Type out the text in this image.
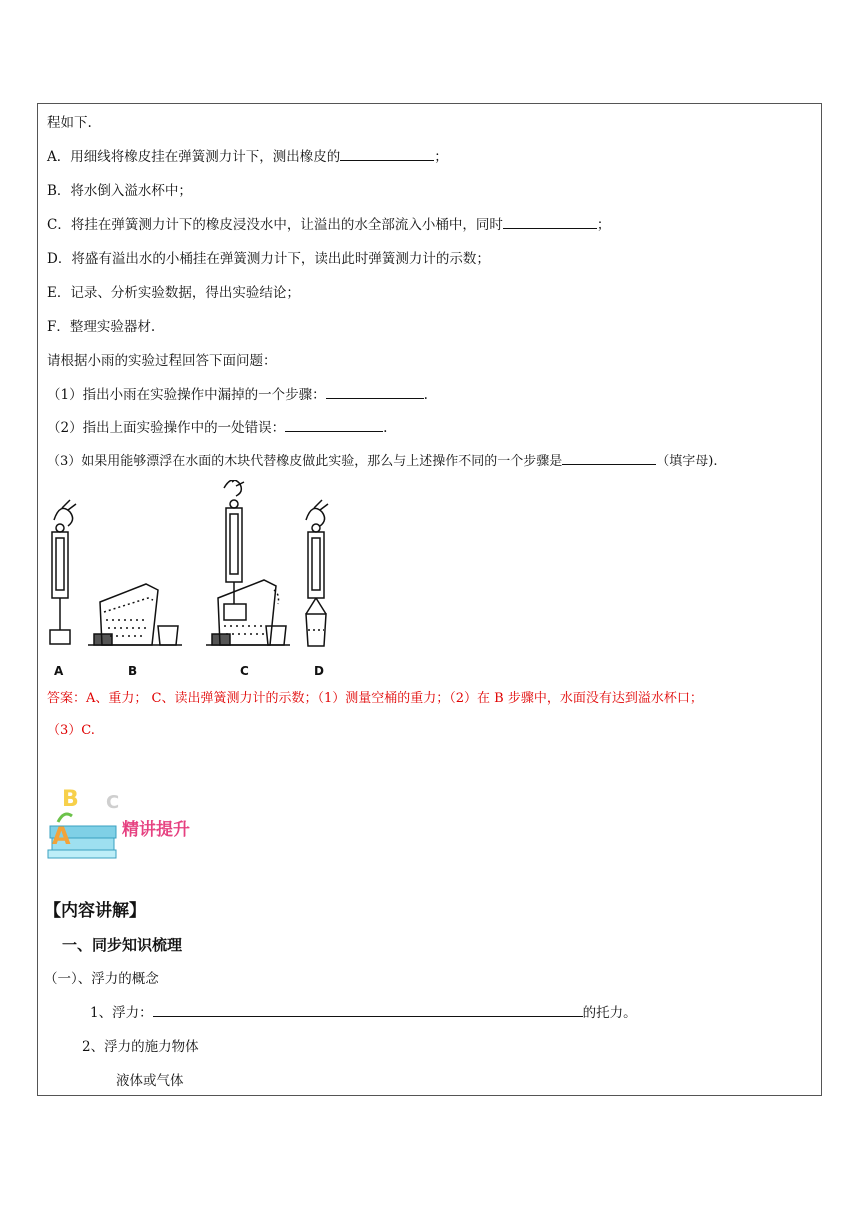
程如下.
A．用细线将橡皮挂在弹簧测力计下，测出橡皮的	；
B．将水倒入溢水杯中；
C．将挂在弹簧测力计下的橡皮浸没水中，让溢出的水全部流入小桶中，同时	；
D．将盛有溢出水的小桶挂在弹簧测力计下，读出此时弹簧测力计的示数；
E．记录、分析实验数据，得出实验结论；
F．整理实验器材.
请根据小雨的实验过程回答下面问题：
（1）指出小雨在实验操作中漏掉的一个步骤：	.
（2）指出上面实验操作中的一处错误：	.
（3）如果用能够漂浮在水面的木块代替橡皮做此实验，那么与上述操作不同的一个步骤是	（填字母).
A	B	C	D
答案：A、重力； C、读出弹簧测力计的示数；（1）测量空桶的重力；（2）在 B 步骤中，水面没有达到溢水杯口；
（3）C.
B C
A	精讲提升
【内容讲解】
一、同步知识梳理
（一）、浮力的概念
1、浮力：	的托力。
2、浮力的施力物体
液体或气体
